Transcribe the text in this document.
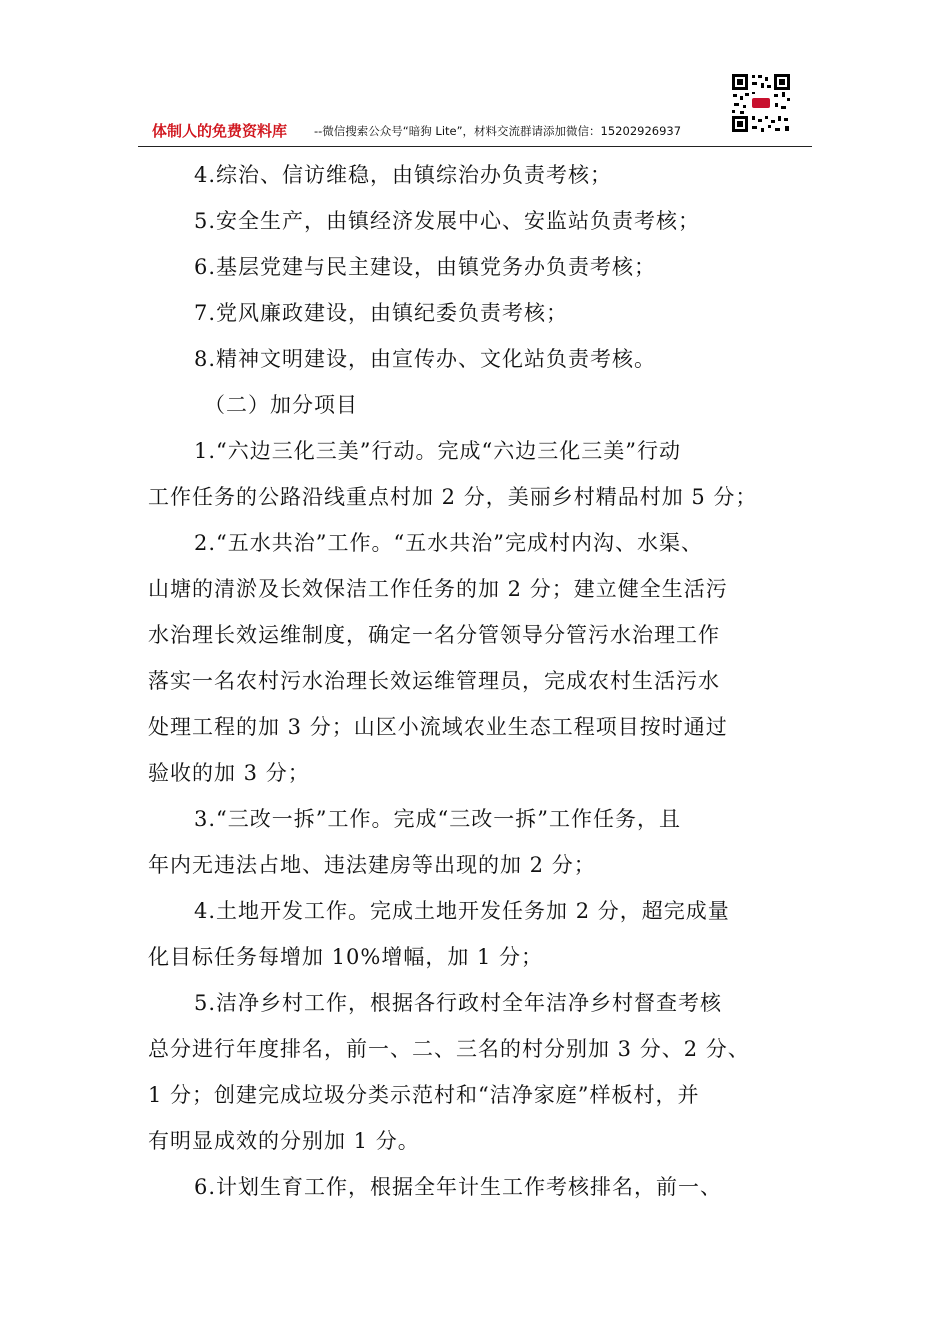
体制人的免费资料库 --微信搜索公众号“暗狗 Lite”，材料交流群请添加微信：15202926937
4.综治、信访维稳，由镇综治办负责考核；
5.安全生产，由镇经济发展中心、安监站负责考核；
6.基层党建与民主建设，由镇党务办负责考核；
7.党风廉政建设，由镇纪委负责考核；
8.精神文明建设，由宣传办、文化站负责考核。
（二）加分项目
1.“六边三化三美”行动。完成“六边三化三美”行动
工作任务的公路沿线重点村加 2 分，美丽乡村精品村加 5 分；
2.“五水共治”工作。“五水共治”完成村内沟、水渠、
山塘的清淤及长效保洁工作任务的加 2 分；建立健全生活污
水治理长效运维制度，确定一名分管领导分管污水治理工作
落实一名农村污水治理长效运维管理员，完成农村生活污水
处理工程的加 3 分；山区小流域农业生态工程项目按时通过
验收的加 3 分；
3.“三改一拆”工作。完成“三改一拆”工作任务，且
年内无违法占地、违法建房等出现的加 2 分；
4.土地开发工作。完成土地开发任务加 2 分，超完成量
化目标任务每增加 10%增幅，加 1 分；
5.洁净乡村工作，根据各行政村全年洁净乡村督查考核
总分进行年度排名，前一、二、三名的村分别加 3 分、2 分、
1 分；创建完成垃圾分类示范村和“洁净家庭”样板村，并
有明显成效的分别加 1 分。
6.计划生育工作，根据全年计生工作考核排名，前一、
